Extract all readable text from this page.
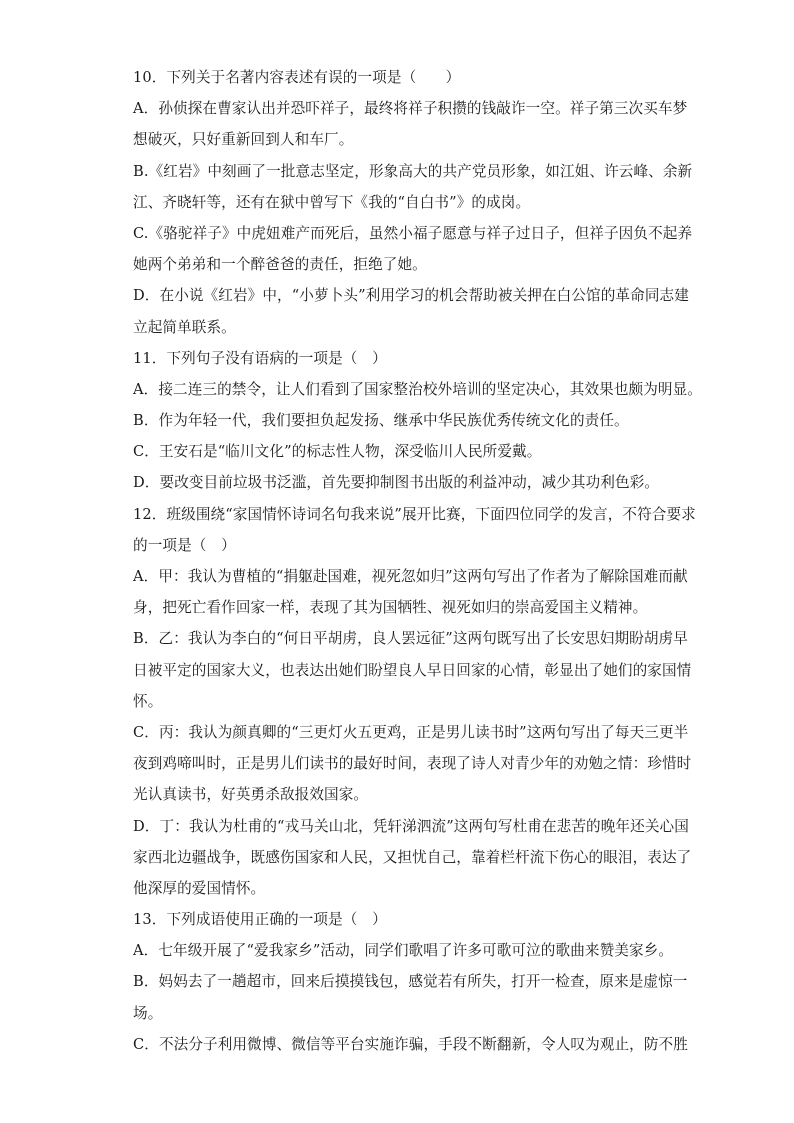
10．下列关于名著内容表述有误的一项是（　　）
A．孙侦探在曹家认出并恐吓祥子，最终将祥子积攒的钱敲诈一空。祥子第三次买车梦
想破灭，只好重新回到人和车厂。
B.《红岩》中刻画了一批意志坚定，形象高大的共产党员形象，如江姐、许云峰、余新
江、齐晓轩等，还有在狱中曾写下《我的“自白书”》的成岗。
C.《骆驼祥子》中虎妞难产而死后，虽然小福子愿意与祥子过日子，但祥子因负不起养
她两个弟弟和一个醉爸爸的责任，拒绝了她。
D．在小说《红岩》中，“小萝卜头”利用学习的机会帮助被关押在白公馆的革命同志建
立起简单联系。
11．下列句子没有语病的一项是（　）
A．接二连三的禁令，让人们看到了国家整治校外培训的坚定决心，其效果也颇为明显。
B．作为年轻一代，我们要担负起发扬、继承中华民族优秀传统文化的责任。
C．王安石是“临川文化”的标志性人物，深受临川人民所爱戴。
D．要改变目前垃圾书泛滥，首先要抑制图书出版的利益冲动，减少其功利色彩。
12．班级围绕“家国情怀诗词名句我来说”展开比赛，下面四位同学的发言，不符合要求
的一项是（　）
A．甲：我认为曹植的“捐躯赴国难，视死忽如归”这两句写出了作者为了解除国难而献
身，把死亡看作回家一样，表现了其为国牺牲、视死如归的崇高爱国主义精神。
B．乙：我认为李白的“何日平胡虏，良人罢远征”这两句既写出了长安思妇期盼胡虏早
日被平定的国家大义，也表达出她们盼望良人早日回家的心情，彰显出了她们的家国情
怀。
C．丙：我认为颜真卿的“三更灯火五更鸡，正是男儿读书时”这两句写出了每天三更半
夜到鸡啼叫时，正是男儿们读书的最好时间，表现了诗人对青少年的劝勉之情：珍惜时
光认真读书，好英勇杀敌报效国家。
D．丁：我认为杜甫的“戎马关山北，凭轩涕泗流”这两句写杜甫在悲苦的晚年还关心国
家西北边疆战争，既感伤国家和人民，又担忧自己，靠着栏杆流下伤心的眼泪，表达了
他深厚的爱国情怀。
13．下列成语使用正确的一项是（　）
A．七年级开展了“爱我家乡”活动，同学们歌唱了许多可歌可泣的歌曲来赞美家乡。
B．妈妈去了一趟超市，回来后摸摸钱包，感觉若有所失，打开一检查，原来是虚惊一
场。
C．不法分子利用微博、微信等平台实施诈骗，手段不断翻新，令人叹为观止，防不胜
